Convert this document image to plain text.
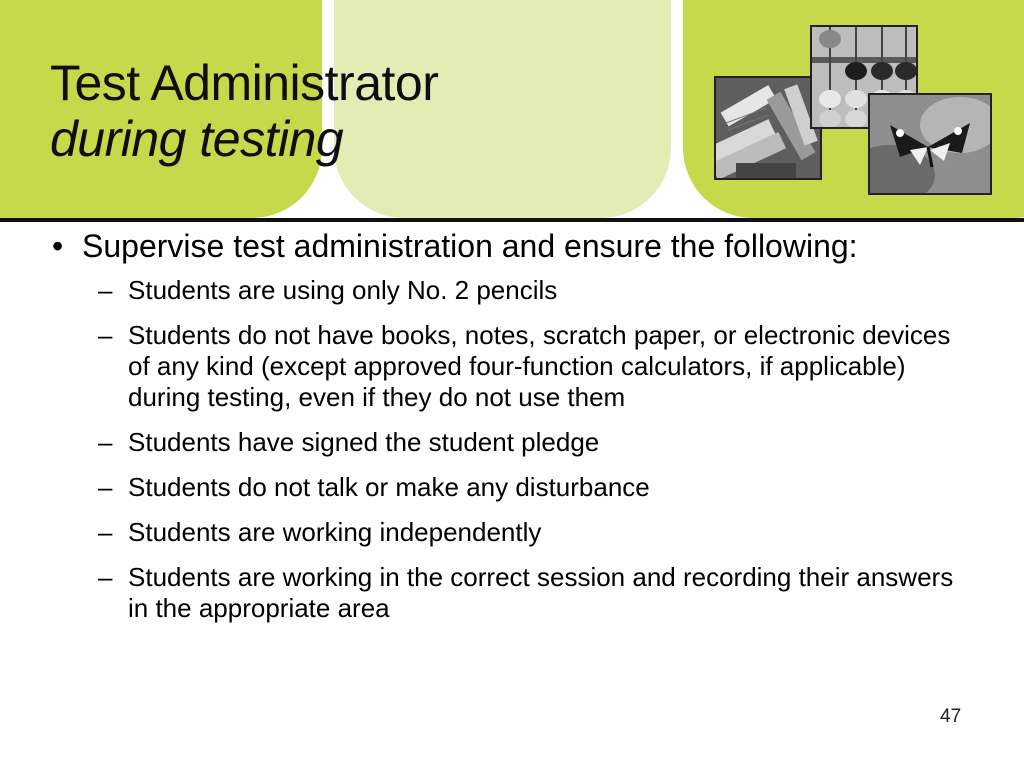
Test Administrator
during testing
• Supervise test administration and ensure the following:
– Students are using only No. 2 pencils
– Students do not have books, notes, scratch paper, or electronic devices of any kind (except approved four-function calculators, if applicable) during testing, even if they do not use them
– Students have signed the student pledge
– Students do not talk or make any disturbance
– Students are working independently
– Students are working in the correct session and recording their answers in the appropriate area
47
